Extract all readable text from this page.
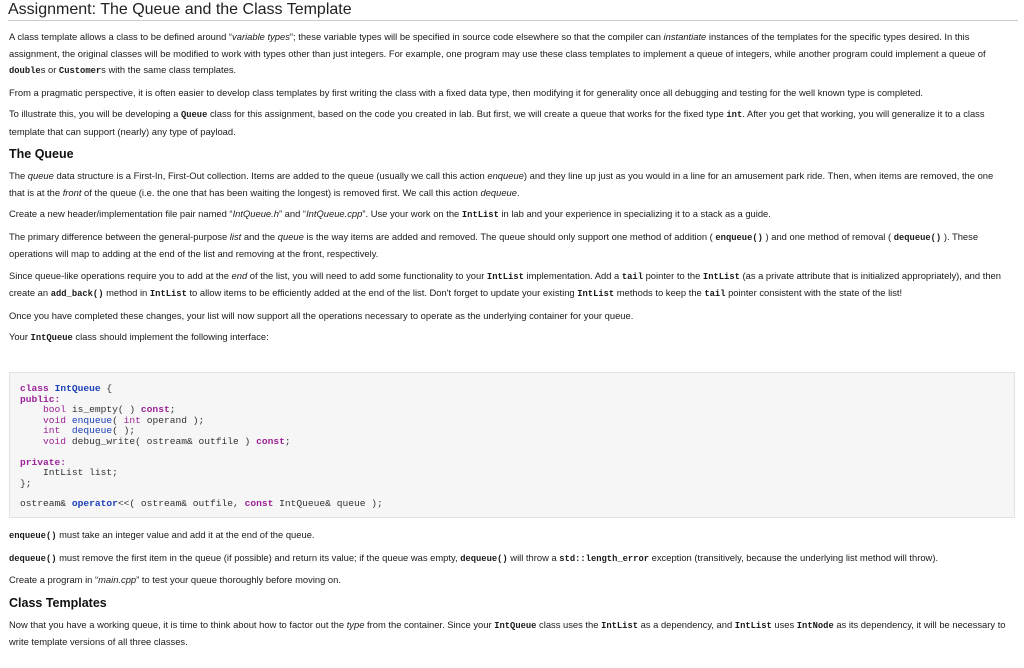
Assignment: The Queue and the Class Template

A class template allows a class to be defined around “variable types”; these variable types will be specified in source code elsewhere so that the compiler can instantiate instances of the templates for the specific types desired. In this assignment, the original classes will be modified to work with types other than just integers. For example, one program may use these class templates to implement a queue of integers, while another program could implement a queue of doubles or Customers with the same class templates.

From a pragmatic perspective, it is often easier to develop class templates by first writing the class with a fixed data type, then modifying it for generality once all debugging and testing for the well known type is completed.

To illustrate this, you will be developing a Queue class for this assignment, based on the code you created in lab. But first, we will create a queue that works for the fixed type int. After you get that working, you will generalize it to a class template that can support (nearly) any type of payload.

The Queue

The queue data structure is a First-In, First-Out collection. Items are added to the queue (usually we call this action enqueue) and they line up just as you would in a line for an amusement park ride. Then, when items are removed, the one that is at the front of the queue (i.e. the one that has been waiting the longest) is removed first. We call this action dequeue.

Create a new header/implementation file pair named “IntQueue.h” and “IntQueue.cpp”. Use your work on the IntList in lab and your experience in specializing it to a stack as a guide.

The primary difference between the general-purpose list and the queue is the way items are added and removed. The queue should only support one method of addition ( enqueue() ) and one method of removal ( dequeue() ). These operations will map to adding at the end of the list and removing at the front, respectively.

Since queue-like operations require you to add at the end of the list, you will need to add some functionality to your IntList implementation. Add a tail pointer to the IntList (as a private attribute that is initialized appropriately), and then create an add_back() method in IntList to allow items to be efficiently added at the end of the list. Don't forget to update your existing IntList methods to keep the tail pointer consistent with the state of the list!

Once you have completed these changes, your list will now support all the operations necessary to operate as the underlying container for your queue.

Your IntQueue class should implement the following interface:

class IntQueue {
public:
bool is_empty( ) const;
void enqueue( int operand );
int dequeue( );
void debug_write( ostream& outfile ) const;
private:
IntList list;
};
ostream& operator<<( ostream& outfile, const IntQueue& queue );

enqueue() must take an integer value and add it at the end of the queue.

dequeue() must remove the first item in the queue (if possible) and return its value; if the queue was empty, dequeue() will throw a std::length_error exception (transitively, because the underlying list method will throw).

Create a program in “main.cpp” to test your queue thoroughly before moving on.

Class Templates

Now that you have a working queue, it is time to think about how to factor out the type from the container. Since your IntQueue class uses the IntList as a dependency, and IntList uses IntNode as its dependency, it will be necessary to write template versions of all three classes.
